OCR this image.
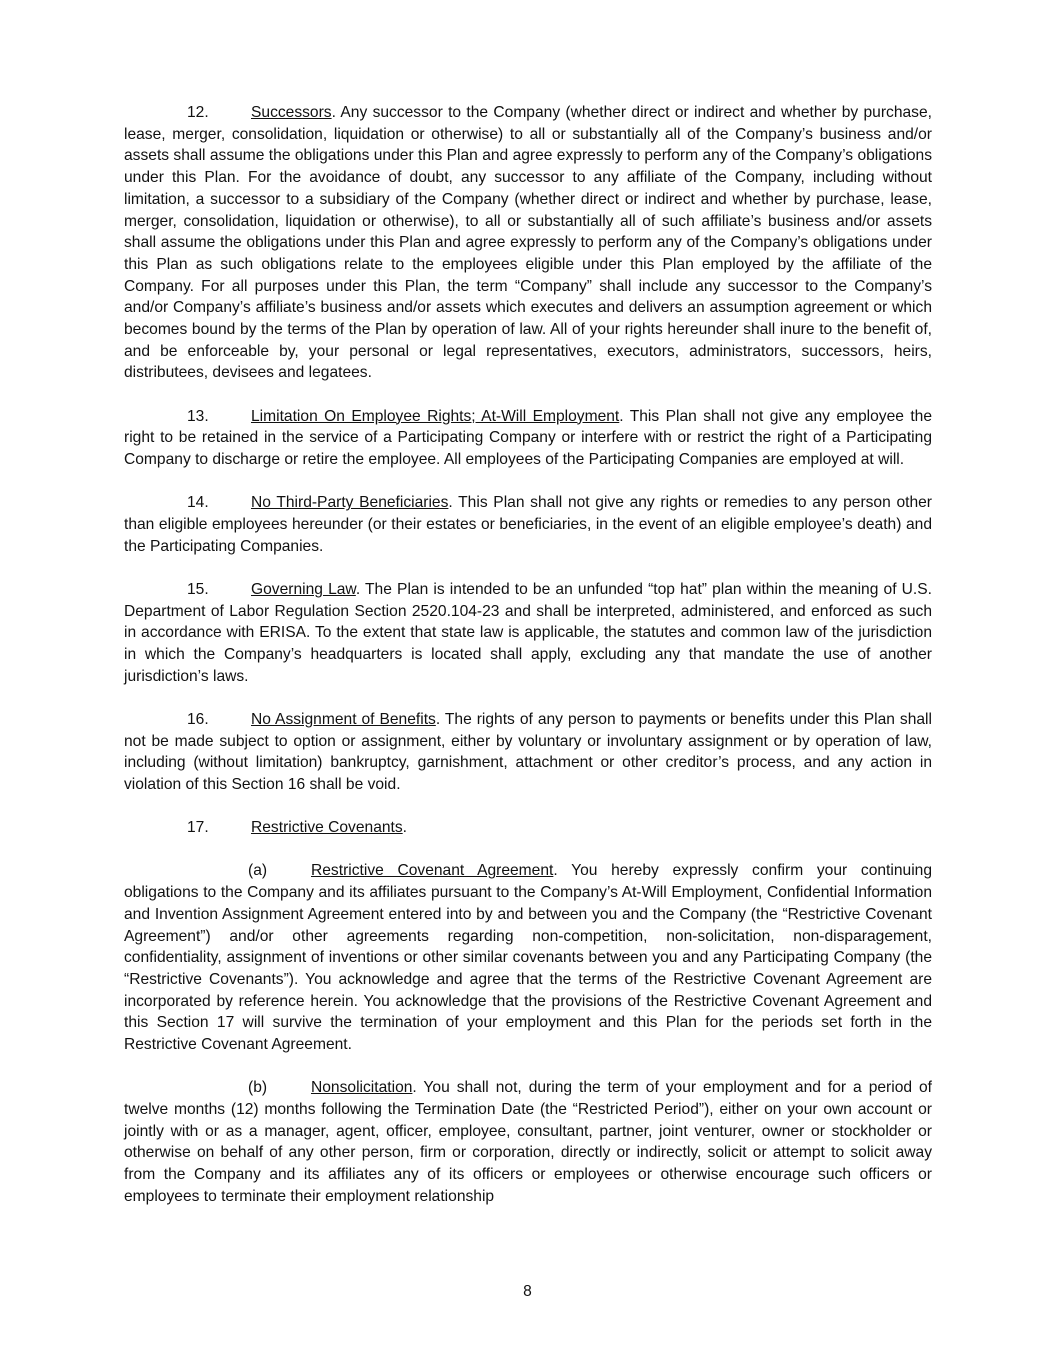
12.	Successors. Any successor to the Company (whether direct or indirect and whether by purchase, lease, merger, consolidation, liquidation or otherwise) to all or substantially all of the Company’s business and/or assets shall assume the obligations under this Plan and agree expressly to perform any of the Company’s obligations under this Plan. For the avoidance of doubt, any successor to any affiliate of the Company, including without limitation, a successor to a subsidiary of the Company (whether direct or indirect and whether by purchase, lease, merger, consolidation, liquidation or otherwise), to all or substantially all of such affiliate’s business and/or assets shall assume the obligations under this Plan and agree expressly to perform any of the Company’s obligations under this Plan as such obligations relate to the employees eligible under this Plan employed by the affiliate of the Company. For all purposes under this Plan, the term “Company” shall include any successor to the Company’s and/or Company’s affiliate’s business and/or assets which executes and delivers an assumption agreement or which becomes bound by the terms of the Plan by operation of law. All of your rights hereunder shall inure to the benefit of, and be enforceable by, your personal or legal representatives, executors, administrators, successors, heirs, distributees, devisees and legatees.

13.	Limitation On Employee Rights; At-Will Employment. This Plan shall not give any employee the right to be retained in the service of a Participating Company or interfere with or restrict the right of a Participating Company to discharge or retire the employee. All employees of the Participating Companies are employed at will.

14.	No Third-Party Beneficiaries. This Plan shall not give any rights or remedies to any person other than eligible employees hereunder (or their estates or beneficiaries, in the event of an eligible employee’s death) and the Participating Companies.

15.	Governing Law. The Plan is intended to be an unfunded “top hat” plan within the meaning of U.S. Department of Labor Regulation Section 2520.104-23 and shall be interpreted, administered, and enforced as such in accordance with ERISA. To the extent that state law is applicable, the statutes and common law of the jurisdiction in which the Company’s headquarters is located shall apply, excluding any that mandate the use of another jurisdiction’s laws.

16.	No Assignment of Benefits. The rights of any person to payments or benefits under this Plan shall not be made subject to option or assignment, either by voluntary or involuntary assignment or by operation of law, including (without limitation) bankruptcy, garnishment, attachment or other creditor’s process, and any action in violation of this Section 16 shall be void.

17.	Restrictive Covenants.

(a)	Restrictive Covenant Agreement. You hereby expressly confirm your continuing obligations to the Company and its affiliates pursuant to the Company’s At-Will Employment, Confidential Information and Invention Assignment Agreement entered into by and between you and the Company (the “Restrictive Covenant Agreement”) and/or other agreements regarding non-competition, non-solicitation, non-disparagement, confidentiality, assignment of inventions or other similar covenants between you and any Participating Company (the “Restrictive Covenants”). You acknowledge and agree that the terms of the Restrictive Covenant Agreement are incorporated by reference herein. You acknowledge that the provisions of the Restrictive Covenant Agreement and this Section 17 will survive the termination of your employment and this Plan for the periods set forth in the Restrictive Covenant Agreement.

(b)	Nonsolicitation. You shall not, during the term of your employment and for a period of twelve months (12) months following the Termination Date (the “Restricted Period”), either on your own account or jointly with or as a manager, agent, officer, employee, consultant, partner, joint venturer, owner or stockholder or otherwise on behalf of any other person, firm or corporation, directly or indirectly, solicit or attempt to solicit away from the Company and its affiliates any of its officers or employees or otherwise encourage such officers or employees to terminate their employment relationship

8
